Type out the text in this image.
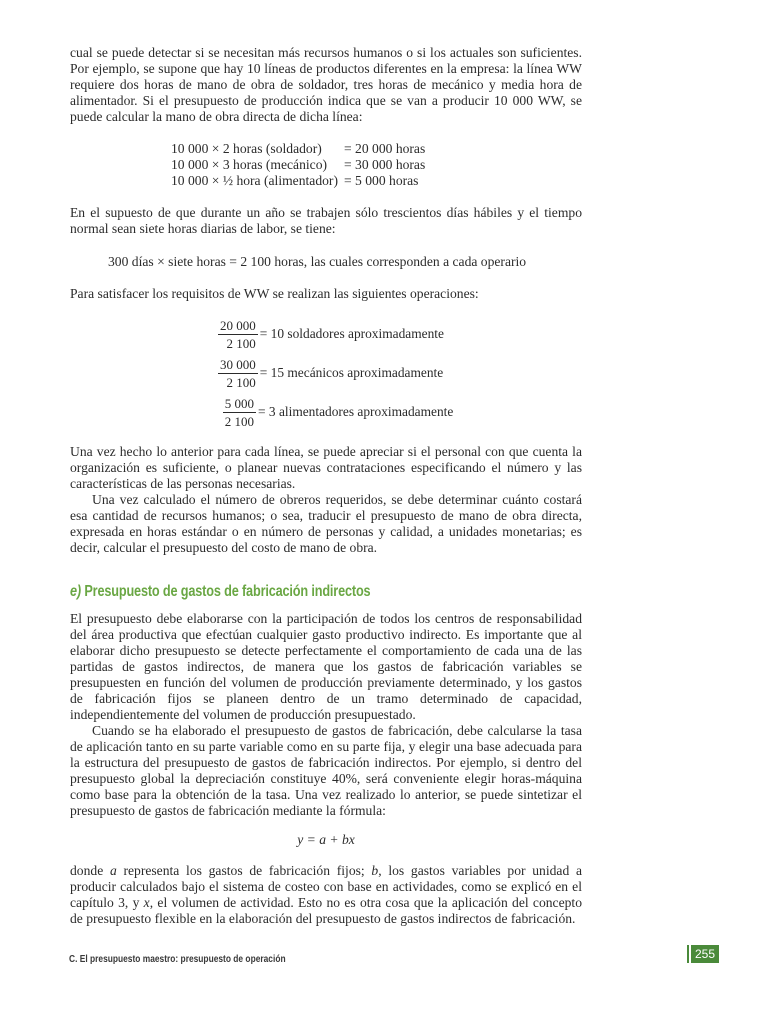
cual se puede detectar si se necesitan más recursos humanos o si los actuales son suficientes. Por ejemplo, se supone que hay 10 líneas de productos diferentes en la empresa: la línea WW requiere dos horas de mano de obra de soldador, tres horas de mecánico y media hora de alimentador. Si el presupuesto de producción indica que se van a producir 10 000 WW, se puede calcular la mano de obra directa de dicha línea:

10 000 × 2 horas (soldador)	= 20 000 horas
10 000 × 3 horas (mecánico)	= 30 000 horas
10 000 × ½ hora (alimentador)	= 5 000 horas

En el supuesto de que durante un año se trabajen sólo trescientos días hábiles y el tiempo normal sean siete horas diarias de labor, se tiene:

300 días × siete horas = 2 100 horas, las cuales corresponden a cada operario

Para satisfacer los requisitos de WW se realizan las siguientes operaciones:

$\frac{20 000}{2 100} = 10$ soldadores aproximadamente
$\frac{30 000}{2 100} = 15$ mecánicos aproximadamente
$\frac{5 000}{2 100} = 3$ alimentadores aproximadamente

Una vez hecho lo anterior para cada línea, se puede apreciar si el personal con que cuenta la organización es suficiente, o planear nuevas contrataciones especificando el número y las características de las personas necesarias.

Una vez calculado el número de obreros requeridos, se debe determinar cuánto costará esa cantidad de recursos humanos; o sea, traducir el presupuesto de mano de obra directa, expresada en horas estándar o en número de personas y calidad, a unidades monetarias; es decir, calcular el presupuesto del costo de mano de obra.

e) Presupuesto de gastos de fabricación indirectos

El presupuesto debe elaborarse con la participación de todos los centros de responsabilidad del área productiva que efectúan cualquier gasto productivo indirecto. Es importante que al elaborar dicho presupuesto se detecte perfectamente el comportamiento de cada una de las partidas de gastos indirectos, de manera que los gastos de fabricación variables se presupuesten en función del volumen de producción previamente determinado, y los gastos de fabricación fijos se planeen dentro de un tramo determinado de capacidad, independientemente del volumen de producción presupuestado.

Cuando se ha elaborado el presupuesto de gastos de fabricación, debe calcularse la tasa de aplicación tanto en su parte variable como en su parte fija, y elegir una base adecuada para la estructura del presupuesto de gastos de fabricación indirectos. Por ejemplo, si dentro del presupuesto global la depreciación constituye 40%, será conveniente elegir horas-máquina como base para la obtención de la tasa. Una vez realizado lo anterior, se puede sintetizar el presupuesto de gastos de fabricación mediante la fórmula:

y = a + bx

donde a representa los gastos de fabricación fijos; b, los gastos variables por unidad a producir calculados bajo el sistema de costeo con base en actividades, como se explicó en el capítulo 3, y x, el volumen de actividad. Esto no es otra cosa que la aplicación del concepto de presupuesto flexible en la elaboración del presupuesto de gastos indirectos de fabricación.

C. El presupuesto maestro: presupuesto de operación	255
